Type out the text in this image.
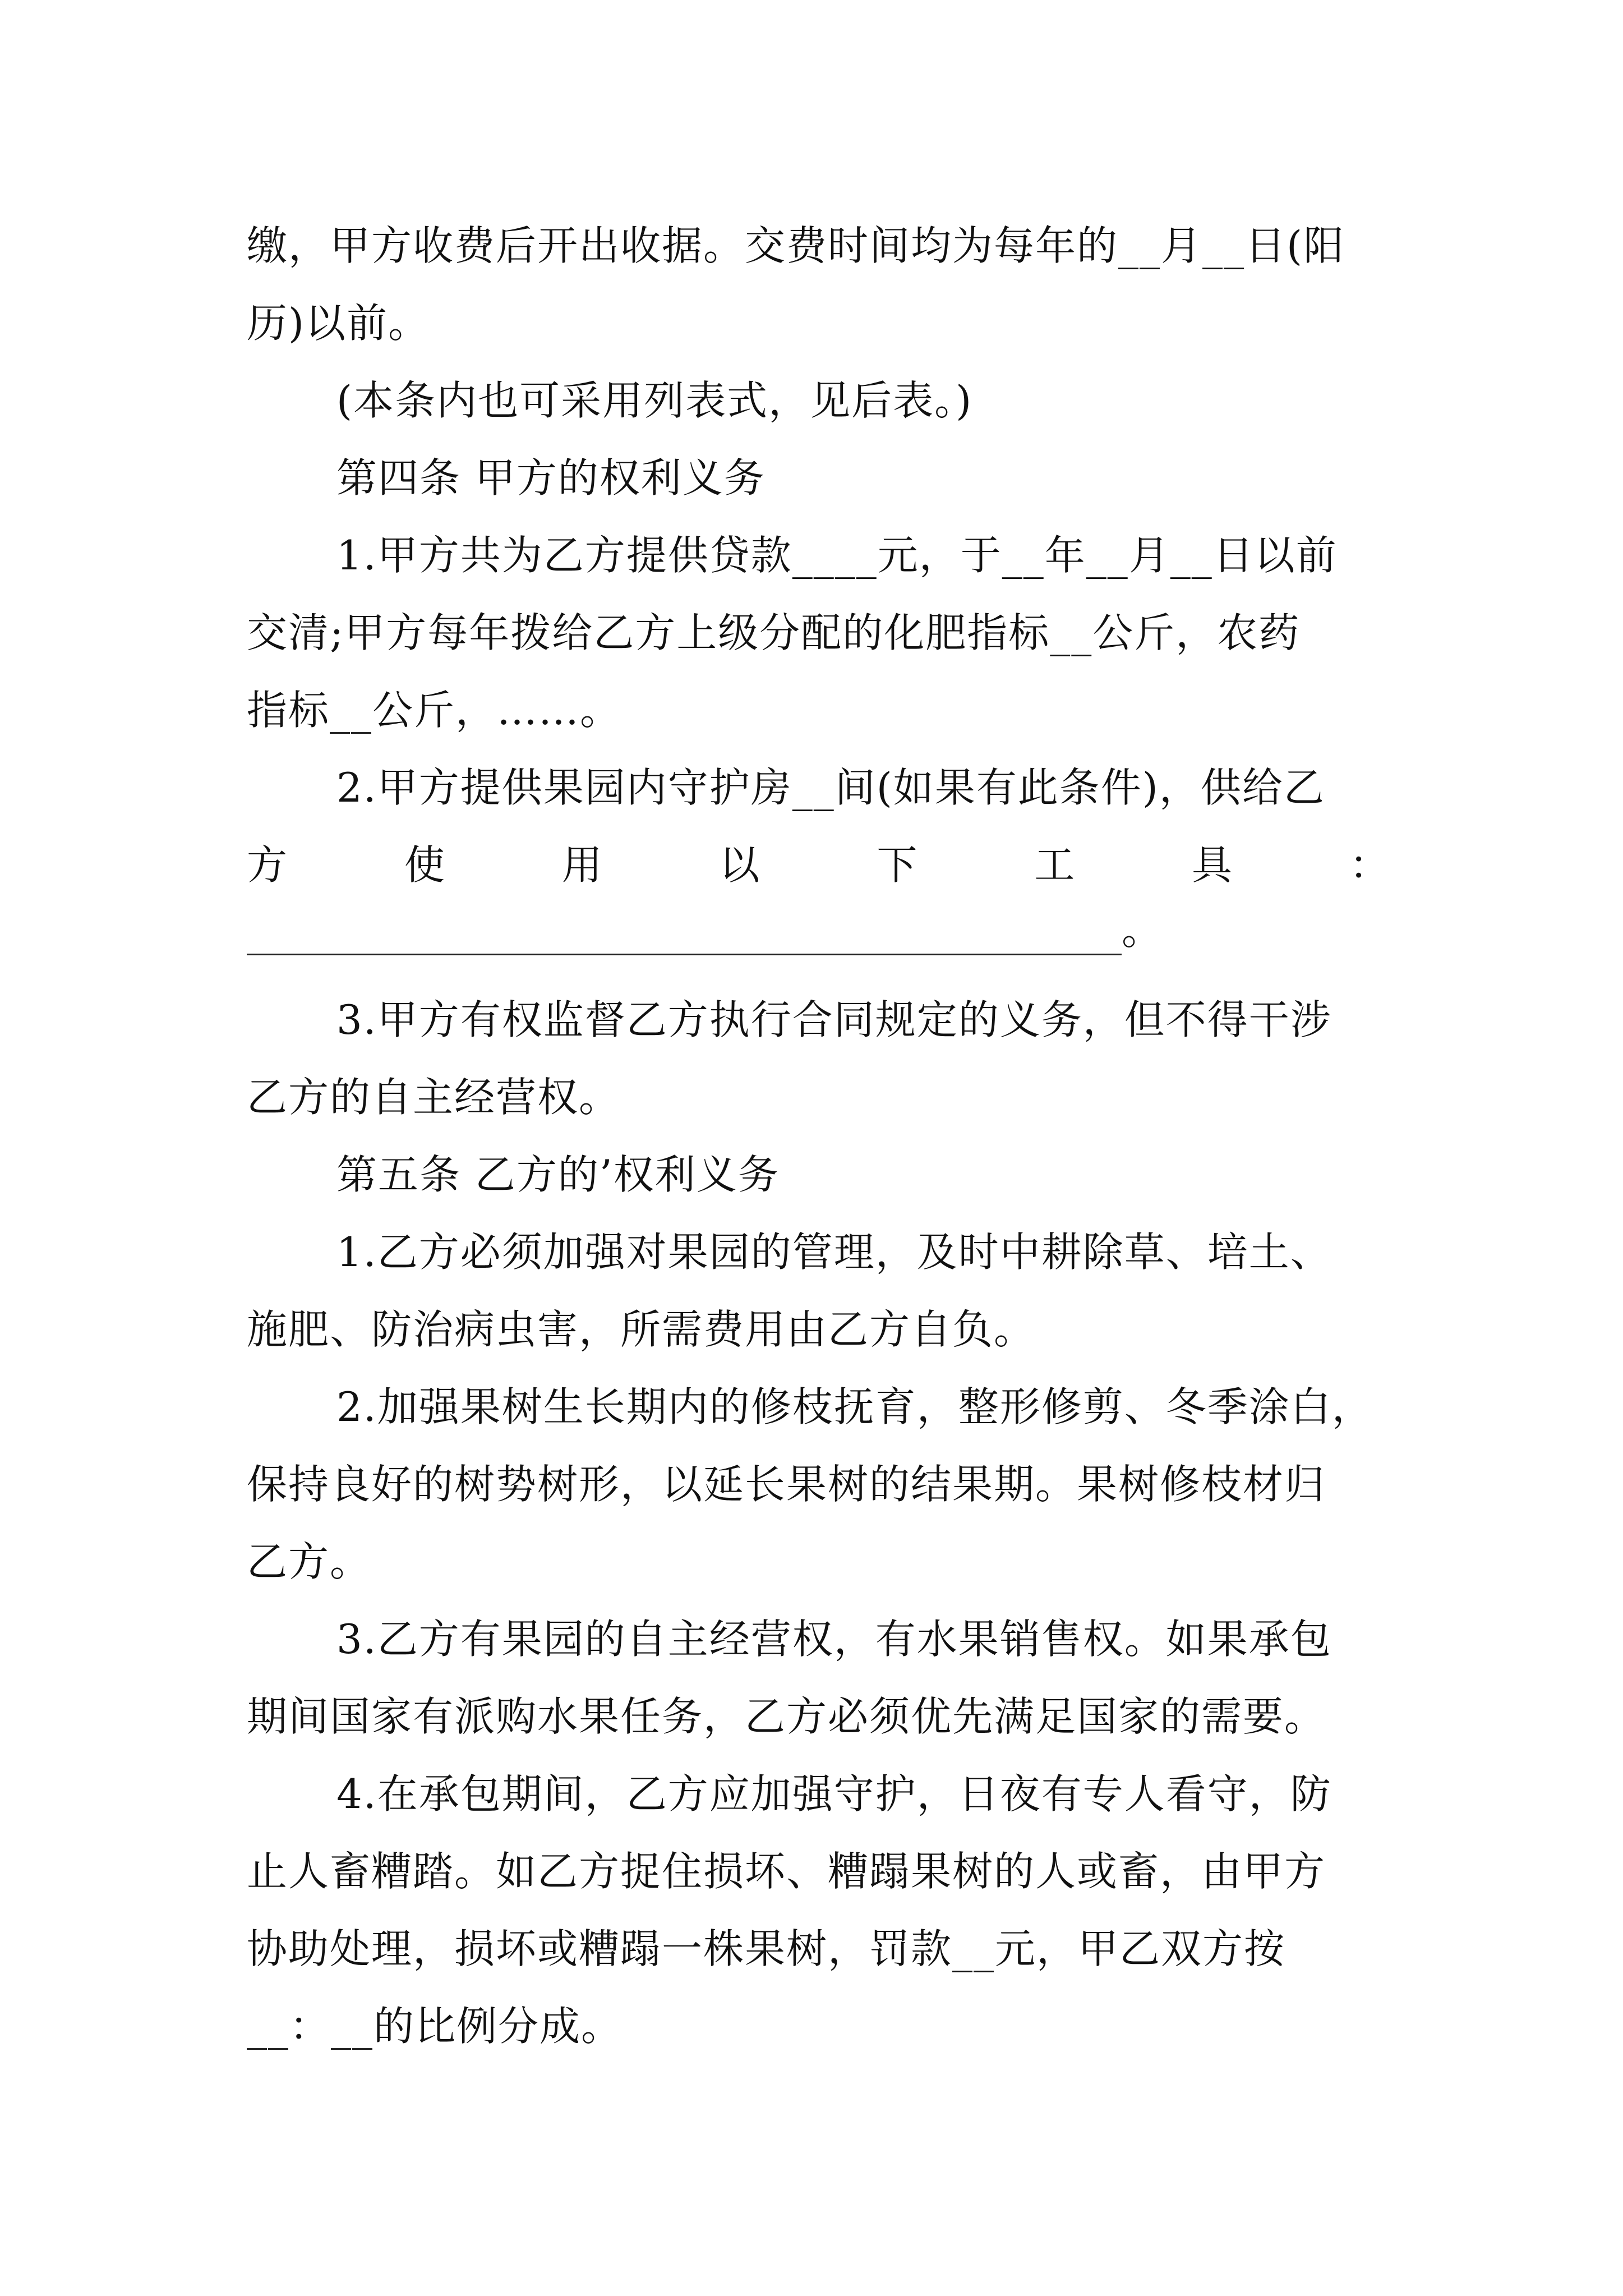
缴，甲方收费后开出收据。交费时间均为每年的__月__日(阳
历)以前。
(本条内也可采用列表式，见后表。)
第四条 甲方的权利义务
1.甲方共为乙方提供贷款____元，于__年__月__日以前
交清;甲方每年拨给乙方上级分配的化肥指标__公斤，农药
指标__公斤，……。
2.甲方提供果园内守护房__间(如果有此条件)，供给乙
方	使	用	以	下	工	具	：
。
3.甲方有权监督乙方执行合同规定的义务，但不得干涉
乙方的自主经营权。
第五条 乙方的’权利义务
1.乙方必须加强对果园的管理，及时中耕除草、培土、
施肥、防治病虫害，所需费用由乙方自负。
2.加强果树生长期内的修枝抚育，整形修剪、冬季涂白，
保持良好的树势树形，以延长果树的结果期。果树修枝材归
乙方。
3.乙方有果园的自主经营权，有水果销售权。如果承包
期间国家有派购水果任务，乙方必须优先满足国家的需要。
4.在承包期间，乙方应加强守护，日夜有专人看守，防
止人畜糟踏。如乙方捉住损坏、糟蹋果树的人或畜，由甲方
协助处理，损坏或糟蹋一株果树，罚款__元，甲乙双方按
__：__的比例分成。
